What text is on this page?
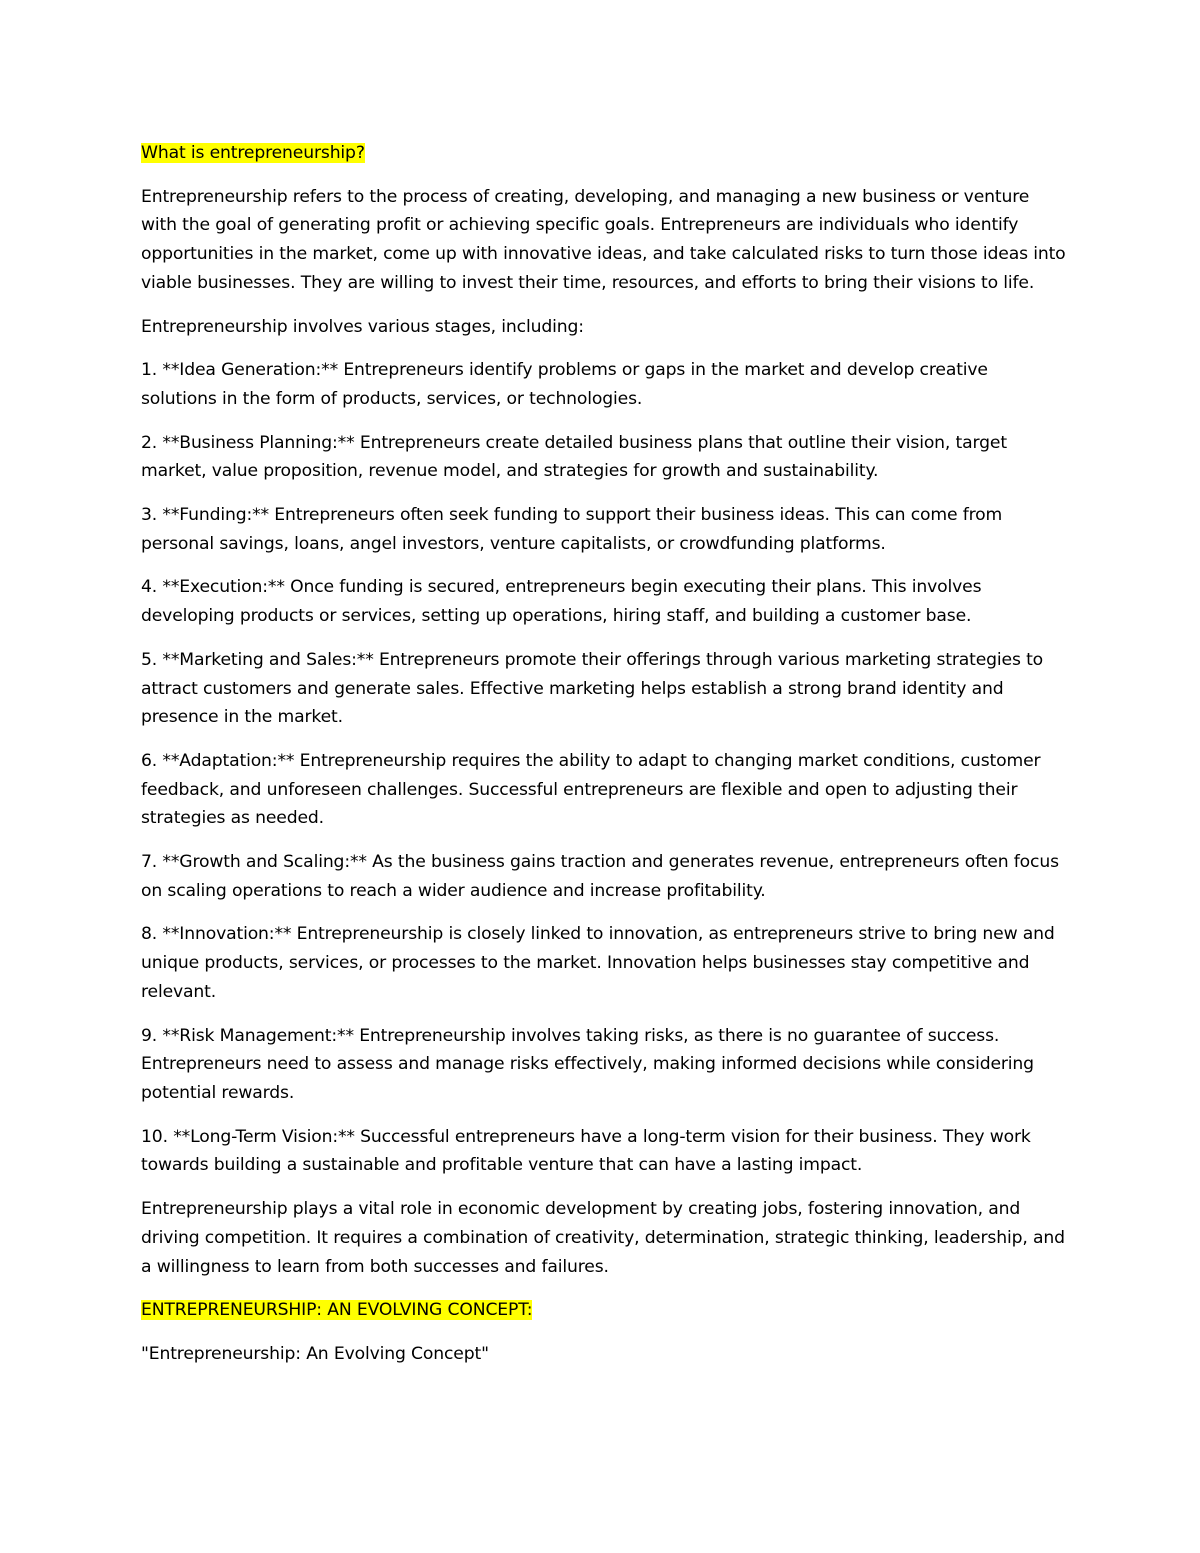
What is entrepreneurship?

Entrepreneurship refers to the process of creating, developing, and managing a new business or venture with the goal of generating profit or achieving specific goals. Entrepreneurs are individuals who identify opportunities in the market, come up with innovative ideas, and take calculated risks to turn those ideas into viable businesses. They are willing to invest their time, resources, and efforts to bring their visions to life.

Entrepreneurship involves various stages, including:

1. **Idea Generation:** Entrepreneurs identify problems or gaps in the market and develop creative solutions in the form of products, services, or technologies.

2. **Business Planning:** Entrepreneurs create detailed business plans that outline their vision, target market, value proposition, revenue model, and strategies for growth and sustainability.

3. **Funding:** Entrepreneurs often seek funding to support their business ideas. This can come from personal savings, loans, angel investors, venture capitalists, or crowdfunding platforms.

4. **Execution:** Once funding is secured, entrepreneurs begin executing their plans. This involves developing products or services, setting up operations, hiring staff, and building a customer base.

5. **Marketing and Sales:** Entrepreneurs promote their offerings through various marketing strategies to attract customers and generate sales. Effective marketing helps establish a strong brand identity and presence in the market.

6. **Adaptation:** Entrepreneurship requires the ability to adapt to changing market conditions, customer feedback, and unforeseen challenges. Successful entrepreneurs are flexible and open to adjusting their strategies as needed.

7. **Growth and Scaling:** As the business gains traction and generates revenue, entrepreneurs often focus on scaling operations to reach a wider audience and increase profitability.

8. **Innovation:** Entrepreneurship is closely linked to innovation, as entrepreneurs strive to bring new and unique products, services, or processes to the market. Innovation helps businesses stay competitive and relevant.

9. **Risk Management:** Entrepreneurship involves taking risks, as there is no guarantee of success. Entrepreneurs need to assess and manage risks effectively, making informed decisions while considering potential rewards.

10. **Long-Term Vision:** Successful entrepreneurs have a long-term vision for their business. They work towards building a sustainable and profitable venture that can have a lasting impact.

Entrepreneurship plays a vital role in economic development by creating jobs, fostering innovation, and driving competition. It requires a combination of creativity, determination, strategic thinking, leadership, and a willingness to learn from both successes and failures.

ENTREPRENEURSHIP: AN EVOLVING CONCEPT:

"Entrepreneurship: An Evolving Concept"
